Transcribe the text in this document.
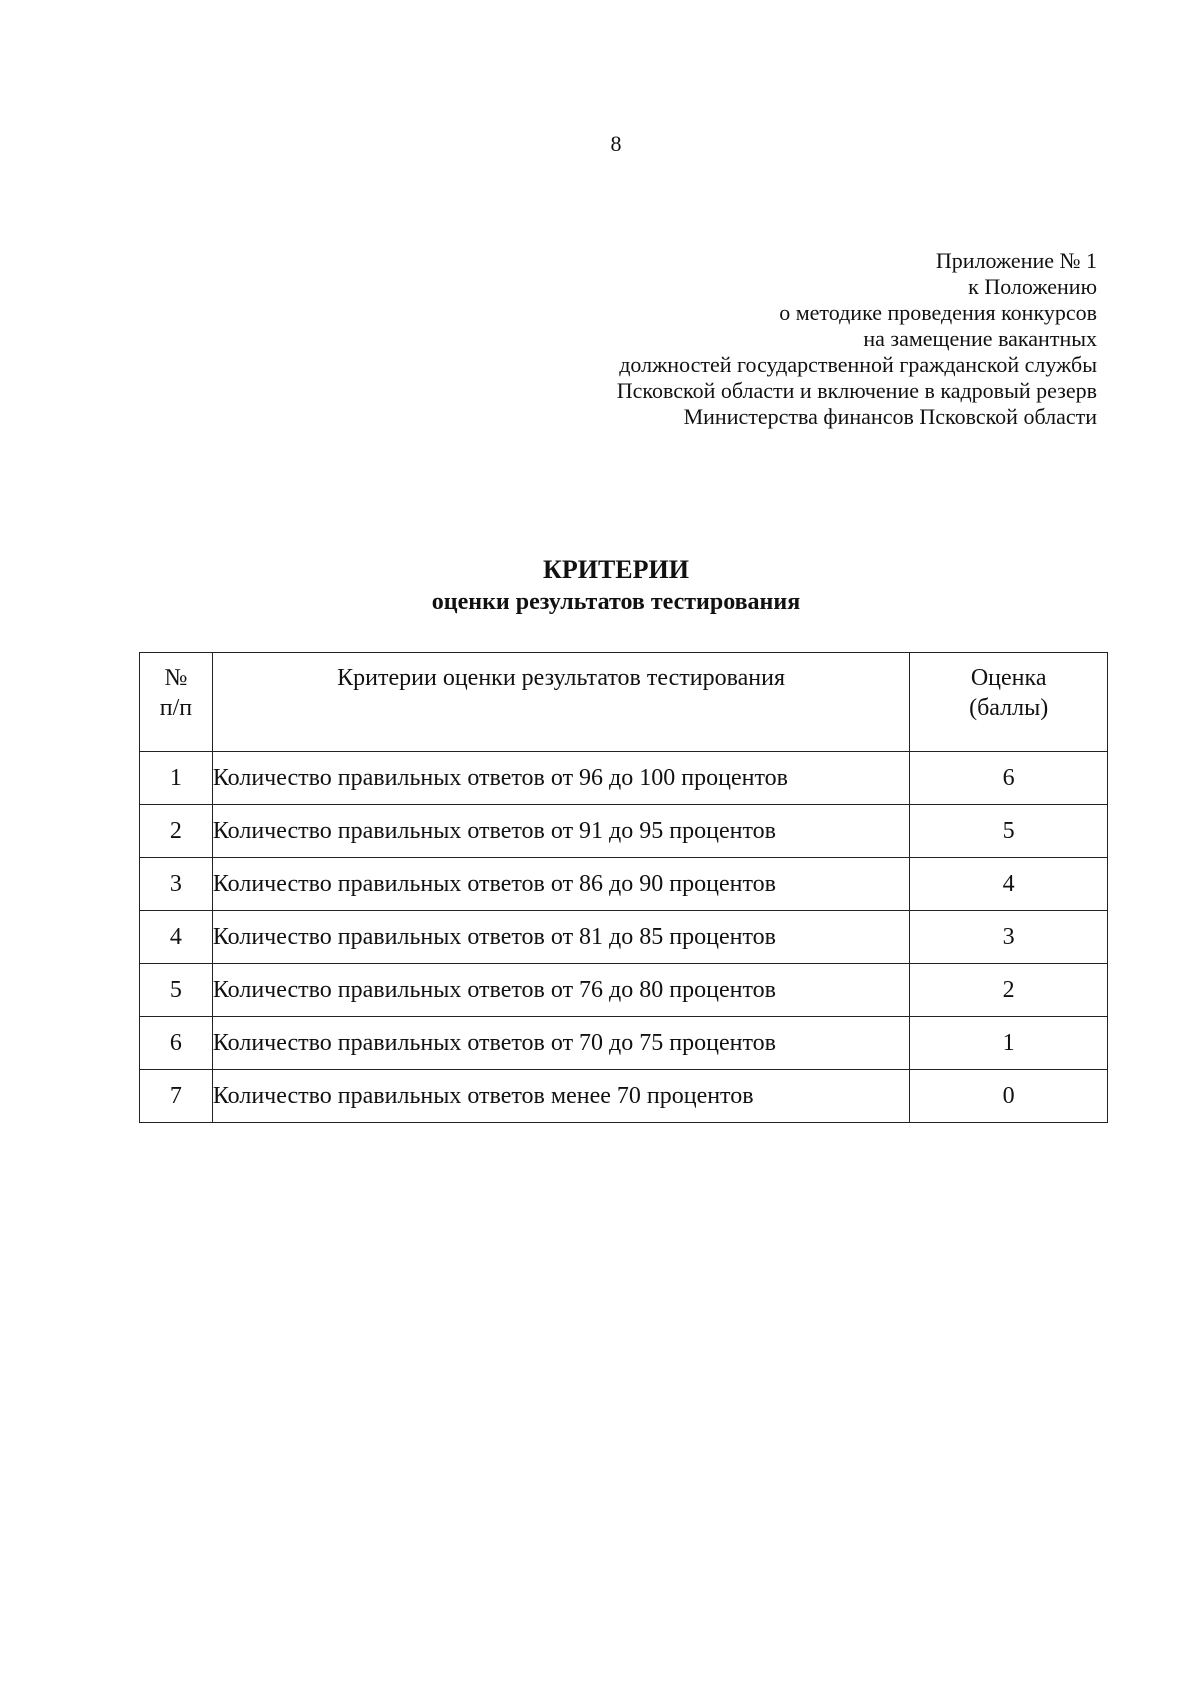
8
Приложение № 1
к Положению
о методике проведения конкурсов
на замещение вакантных
должностей государственной гражданской службы
Псковской области и включение в кадровый резерв
Министерства финансов Псковской области
КРИТЕРИИ
оценки результатов тестирования
№
п/п	Критерии оценки результатов тестирования	Оценка
(баллы)

1	Количество правильных ответов от 96 до 100 процентов	6
2	Количество правильных ответов от 91 до 95 процентов	5
3	Количество правильных ответов от 86 до 90 процентов	4
4	Количество правильных ответов от 81 до 85 процентов	3
5	Количество правильных ответов от 76 до 80 процентов	2
6	Количество правильных ответов от 70 до 75 процентов	1
7	Количество правильных ответов менее 70 процентов	0
